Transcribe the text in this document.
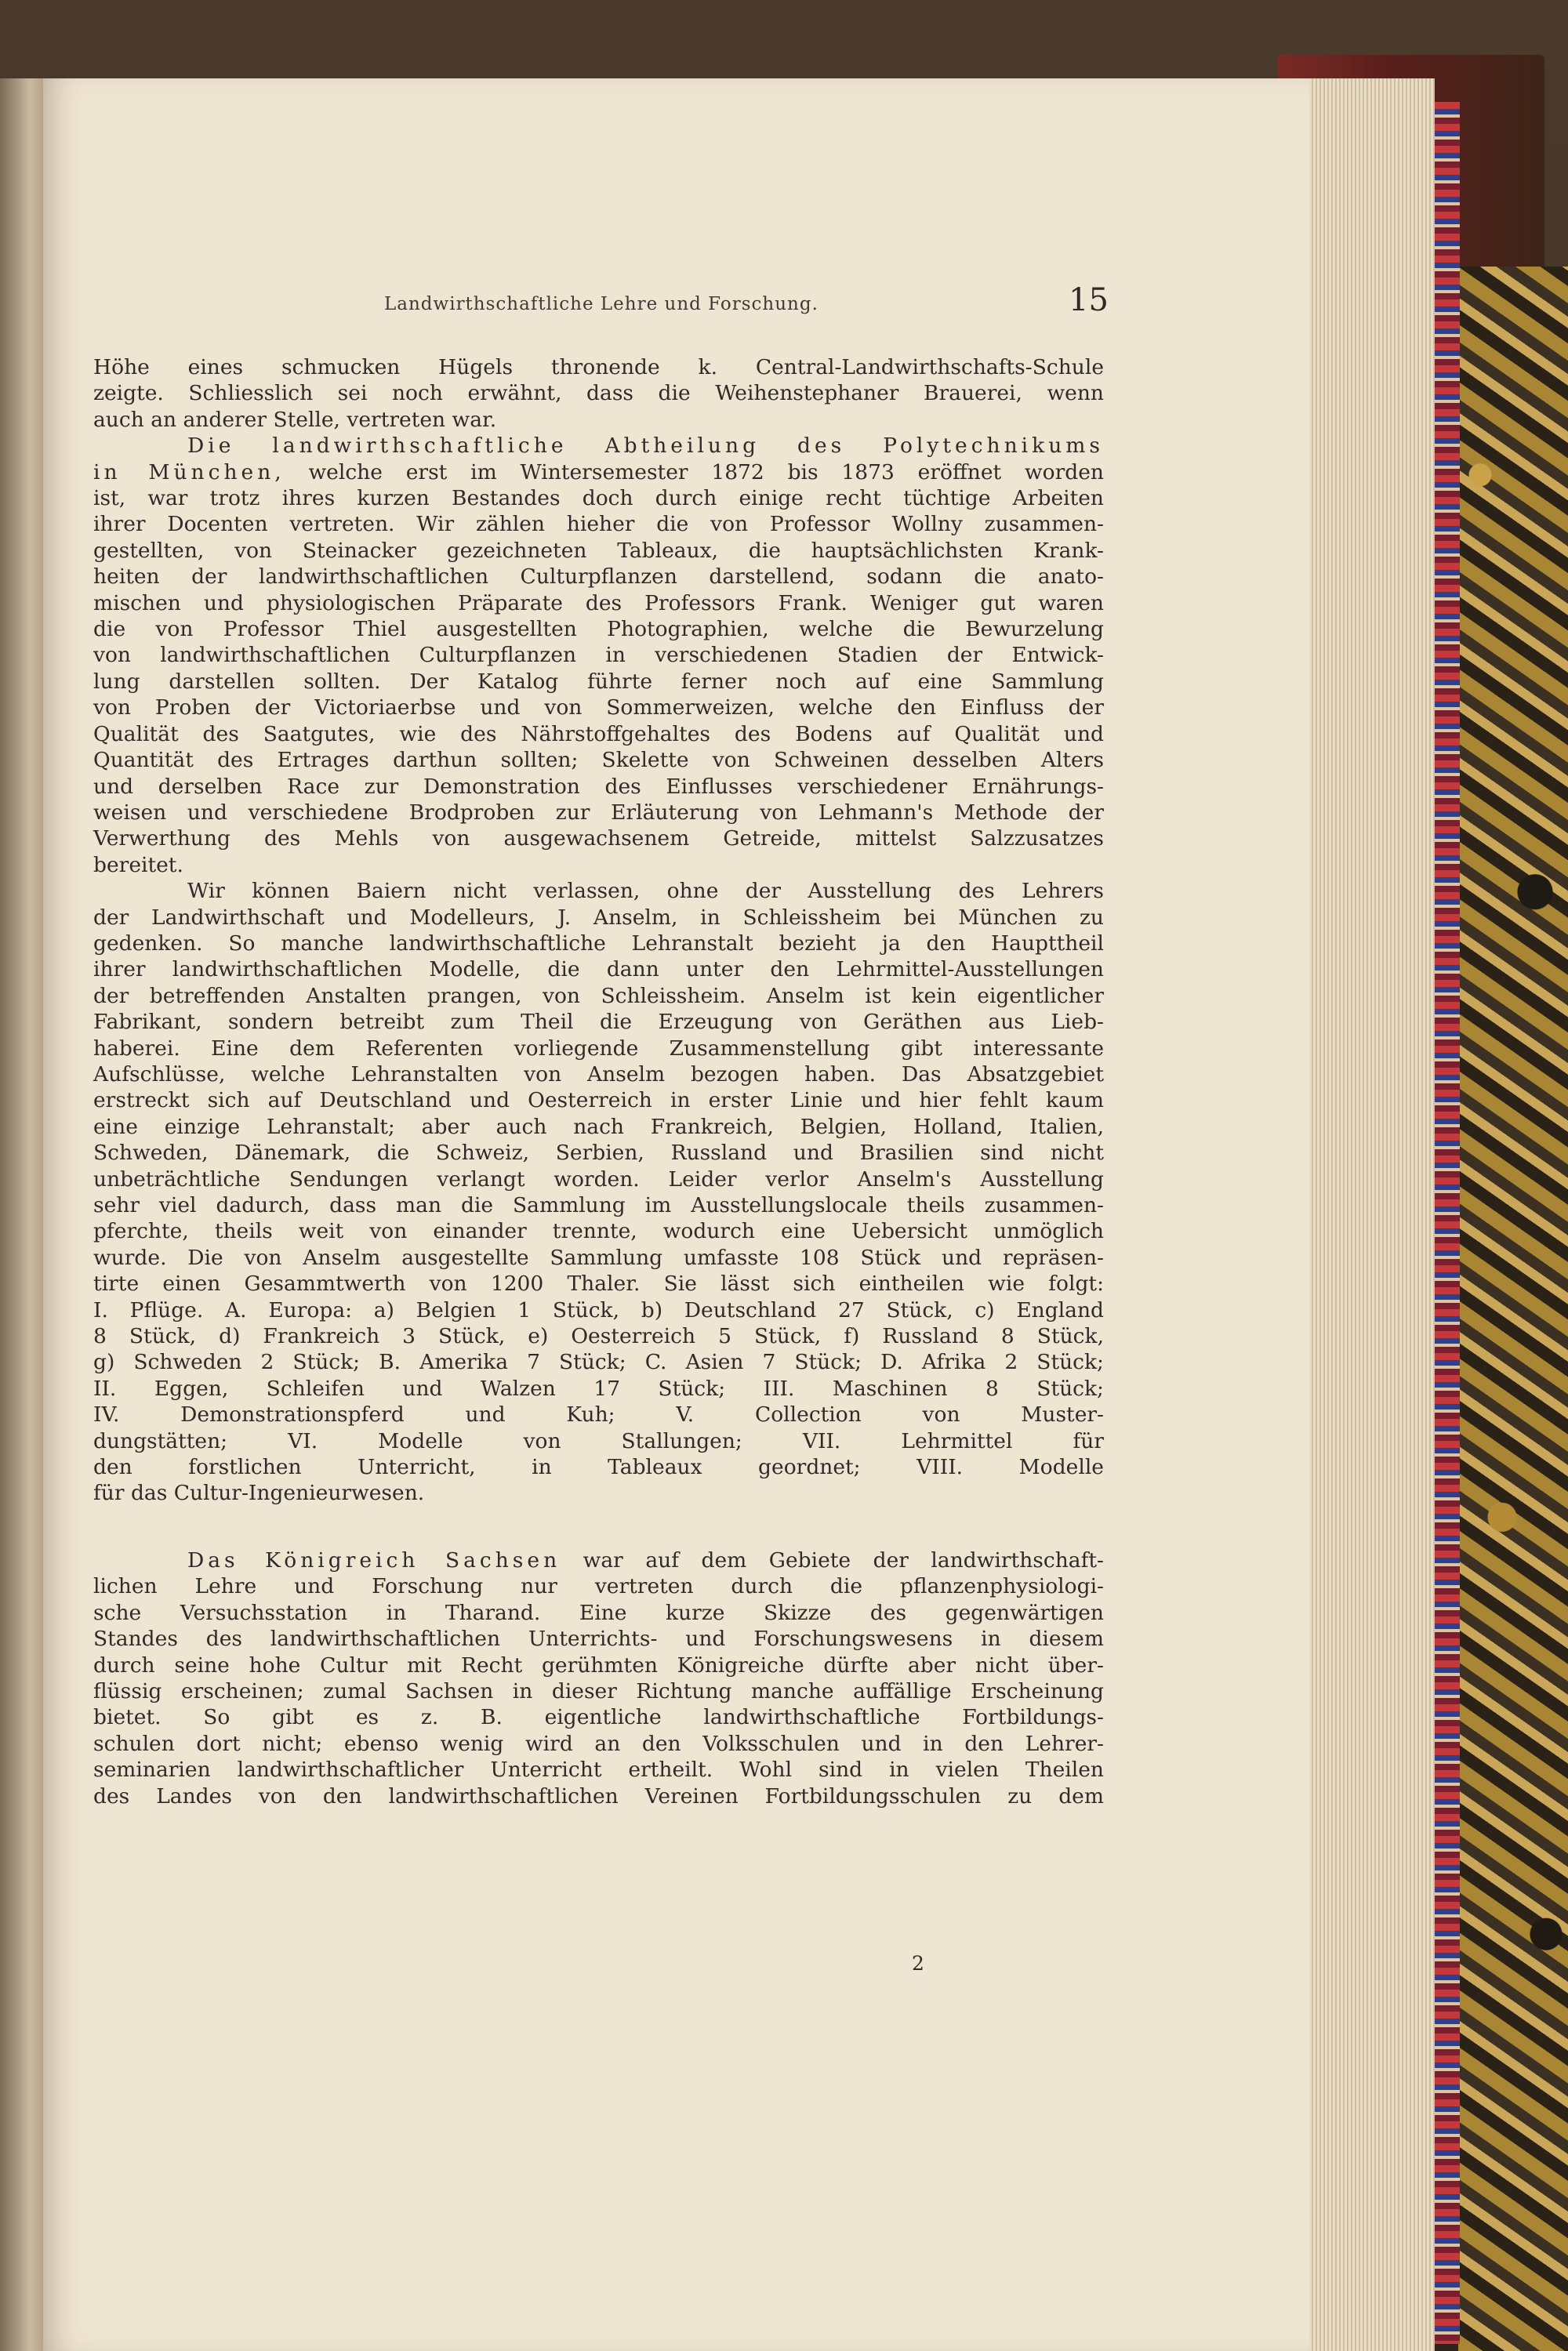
Landwirthschaftliche Lehre und Forschung.	15
Höhe eines schmucken Hügels thronende k. Central-Landwirthschafts-Schule
zeigte. Schliesslich sei noch erwähnt, dass die Weihenstephaner Brauerei, wenn
auch an anderer Stelle, vertreten war.
Die landwirthschaftliche Abtheilung des Polytechnikums
in München, welche erst im Wintersemester 1872 bis 1873 eröffnet worden
ist, war trotz ihres kurzen Bestandes doch durch einige recht tüchtige Arbeiten
ihrer Docenten vertreten. Wir zählen hieher die von Professor Wollny zusammen-
gestellten, von Steinacker gezeichneten Tableaux, die hauptsächlichsten Krank-
heiten der landwirthschaftlichen Culturpflanzen darstellend, sodann die anato-
mischen und physiologischen Präparate des Professors Frank. Weniger gut waren
die von Professor Thiel ausgestellten Photographien, welche die Bewurzelung
von landwirthschaftlichen Culturpflanzen in verschiedenen Stadien der Entwick-
lung darstellen sollten. Der Katalog führte ferner noch auf eine Sammlung
von Proben der Victoriaerbse und von Sommerweizen, welche den Einfluss der
Qualität des Saatgutes, wie des Nährstoffgehaltes des Bodens auf Qualität und
Quantität des Ertrages darthun sollten; Skelette von Schweinen desselben Alters
und derselben Race zur Demonstration des Einflusses verschiedener Ernährungs-
weisen und verschiedene Brodproben zur Erläuterung von Lehmann's Methode der
Verwerthung des Mehls von ausgewachsenem Getreide, mittelst Salzzusatzes
bereitet.
Wir können Baiern nicht verlassen, ohne der Ausstellung des Lehrers
der Landwirthschaft und Modelleurs, J. Anselm, in Schleissheim bei München zu
gedenken. So manche landwirthschaftliche Lehranstalt bezieht ja den Haupttheil
ihrer landwirthschaftlichen Modelle, die dann unter den Lehrmittel-Ausstellungen
der betreffenden Anstalten prangen, von Schleissheim. Anselm ist kein eigentlicher
Fabrikant, sondern betreibt zum Theil die Erzeugung von Geräthen aus Lieb-
haberei. Eine dem Referenten vorliegende Zusammenstellung gibt interessante
Aufschlüsse, welche Lehranstalten von Anselm bezogen haben. Das Absatzgebiet
erstreckt sich auf Deutschland und Oesterreich in erster Linie und hier fehlt kaum
eine einzige Lehranstalt; aber auch nach Frankreich, Belgien, Holland, Italien,
Schweden, Dänemark, die Schweiz, Serbien, Russland und Brasilien sind nicht
unbeträchtliche Sendungen verlangt worden. Leider verlor Anselm's Ausstellung
sehr viel dadurch, dass man die Sammlung im Ausstellungslocale theils zusammen-
pferchte, theils weit von einander trennte, wodurch eine Uebersicht unmöglich
wurde. Die von Anselm ausgestellte Sammlung umfasste 108 Stück und repräsen-
tirte einen Gesammtwerth von 1200 Thaler. Sie lässt sich eintheilen wie folgt:
I. Pflüge. A. Europa: a) Belgien 1 Stück, b) Deutschland 27 Stück, c) England
8 Stück, d) Frankreich 3 Stück, e) Oesterreich 5 Stück, f) Russland 8 Stück,
g) Schweden 2 Stück; B. Amerika 7 Stück; C. Asien 7 Stück; D. Afrika 2 Stück;
II. Eggen, Schleifen und Walzen 17 Stück; III. Maschinen 8 Stück;
IV. Demonstrationspferd und Kuh; V. Collection von Muster-
dungstätten; VI. Modelle von Stallungen; VII. Lehrmittel für
den forstlichen Unterricht, in Tableaux geordnet; VIII. Modelle
für das Cultur-Ingenieurwesen.
Das Königreich Sachsen war auf dem Gebiete der landwirthschaft-
lichen Lehre und Forschung nur vertreten durch die pflanzenphysiologi-
sche Versuchsstation in Tharand. Eine kurze Skizze des gegenwärtigen
Standes des landwirthschaftlichen Unterrichts- und Forschungswesens in diesem
durch seine hohe Cultur mit Recht gerühmten Königreiche dürfte aber nicht über-
flüssig erscheinen; zumal Sachsen in dieser Richtung manche auffällige Erscheinung
bietet. So gibt es z. B. eigentliche landwirthschaftliche Fortbildungs-
schulen dort nicht; ebenso wenig wird an den Volksschulen und in den Lehrer-
seminarien landwirthschaftlicher Unterricht ertheilt. Wohl sind in vielen Theilen
des Landes von den landwirthschaftlichen Vereinen Fortbildungsschulen zu dem
2
